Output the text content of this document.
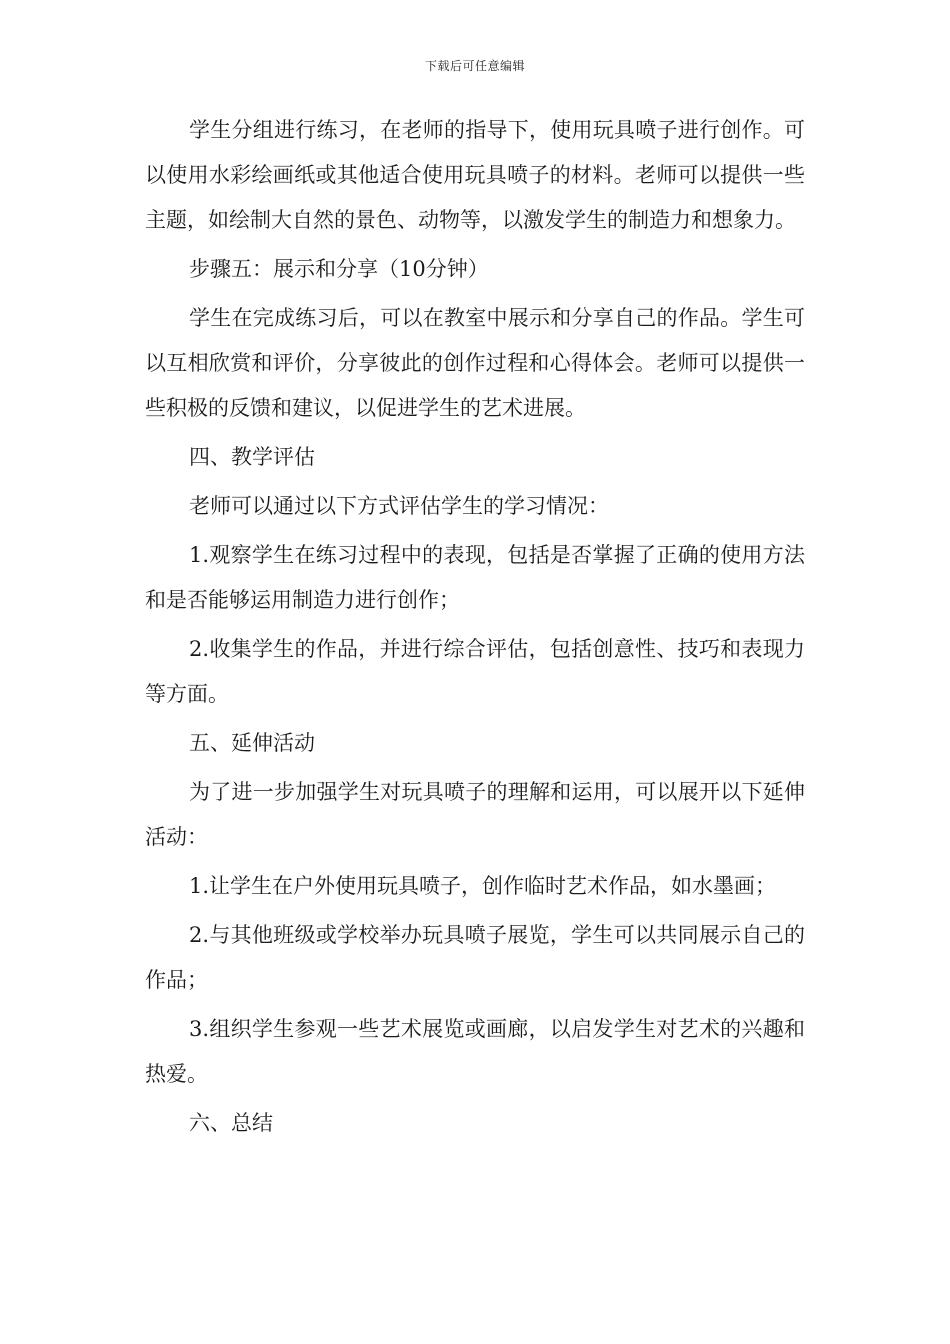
下载后可任意编辑

学生分组进行练习，在老师的指导下，使用玩具喷子进行创作。可以使用水彩绘画纸或其他适合使用玩具喷子的材料。老师可以提供一些主题，如绘制大自然的景色、动物等，以激发学生的制造力和想象力。

步骤五：展示和分享（10分钟）

学生在完成练习后，可以在教室中展示和分享自己的作品。学生可以互相欣赏和评价，分享彼此的创作过程和心得体会。老师可以提供一些积极的反馈和建议，以促进学生的艺术进展。

四、教学评估

老师可以通过以下方式评估学生的学习情况：

1.观察学生在练习过程中的表现，包括是否掌握了正确的使用方法和是否能够运用制造力进行创作；

2.收集学生的作品，并进行综合评估，包括创意性、技巧和表现力等方面。

五、延伸活动

为了进一步加强学生对玩具喷子的理解和运用，可以展开以下延伸活动：

1.让学生在户外使用玩具喷子，创作临时艺术作品，如水墨画；

2.与其他班级或学校举办玩具喷子展览，学生可以共同展示自己的作品；

3.组织学生参观一些艺术展览或画廊，以启发学生对艺术的兴趣和热爱。

六、总结
